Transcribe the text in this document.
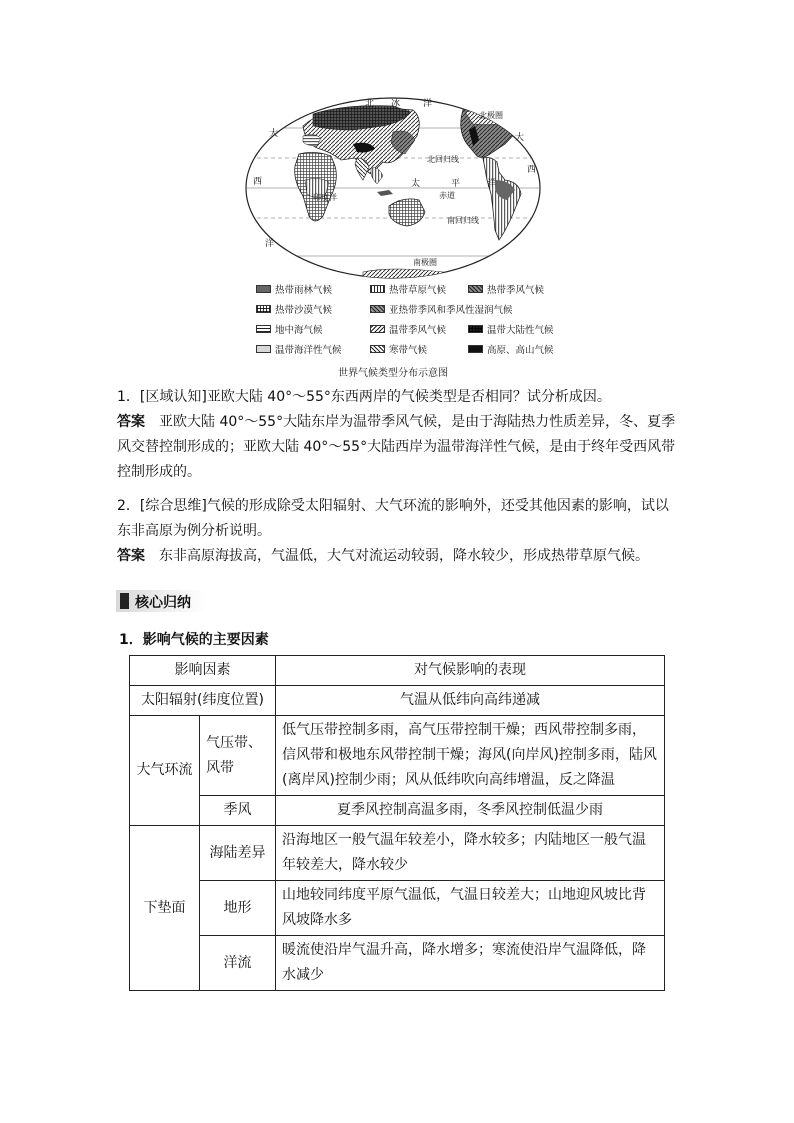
北 冰	洋
北极圈
北回归线
赤道
南回归线
南极圈
印度洋
太	平	洋
大
西
洋
大
西
热带雨林气候	热带草原气候	热带季风气候
热带沙漠气候	亚热带季风和季风性湿润气候
地中海气候	温带季风气候	温带大陆性气候
温带海洋性气候	寒带气候	高原、高山气候
世界气候类型分布示意图

1．[区域认知]亚欧大陆 40°～55°东西两岸的气候类型是否相同？试分析成因。

答案 亚欧大陆 40°～55°大陆东岸为温带季风气候，是由于海陆热力性质差异，冬、夏季风交替控制形成的；亚欧大陆 40°～55°大陆西岸为温带海洋性气候，是由于终年受西风带控制形成的。

2．[综合思维]气候的形成除受太阳辐射、大气环流的影响外，还受其他因素的影响，试以东非高原为例分析说明。

答案 东非高原海拔高，气温低，大气对流运动较弱，降水较少，形成热带草原气候。

核心归纳
1．影响气候的主要因素
影响因素		对气候影响的表现
太阳辐射(纬度位置)		气温从低纬向高纬递减
大气环流	气压带、风带	低气压带控制多雨，高气压带控制干燥；西风带控制多雨，信风带和极地东风带控制干燥；海风(向岸风)控制多雨，陆风(离岸风)控制少雨；风从低纬吹向高纬增温，反之降温
	季风	夏季风控制高温多雨，冬季风控制低温少雨
下垫面	海陆差异	沿海地区一般气温年较差小，降水较多；内陆地区一般气温年较差大，降水较少
	地形	山地较同纬度平原气温低，气温日较差大；山地迎风坡比背风坡降水多
	洋流	暖流使沿岸气温升高，降水增多；寒流使沿岸气温降低，降水减少
